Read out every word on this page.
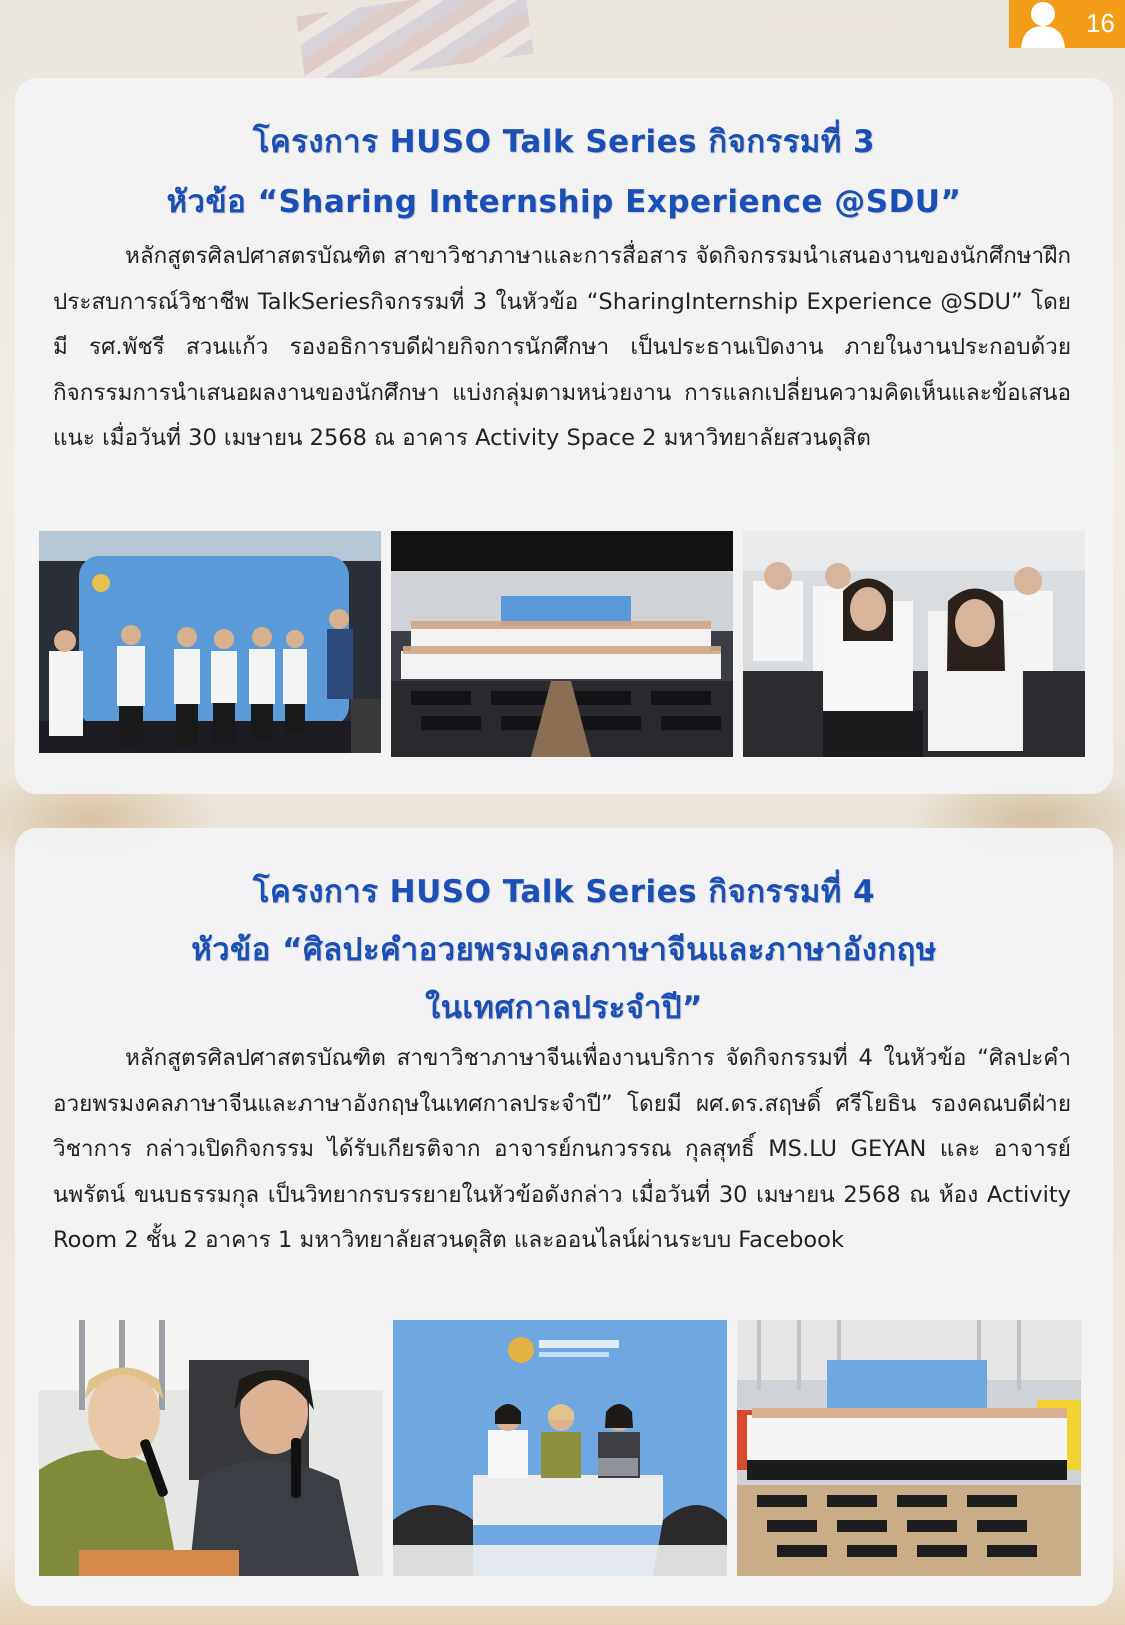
16
โครงการ HUSO Talk Series กิจกรรมที่ 3
หัวข้อ “Sharing Internship Experience @SDU”
หลักสูตรศิลปศาสตรบัณฑิต สาขาวิชาภาษาและการสื่อสาร จัดกิจกรรมนำเสนองานของนักศึกษาฝึกประสบการณ์วิชาชีพ TalkSeriesกิจกรรมที่ 3 ในหัวข้อ “SharingInternship Experience @SDU” โดยมี รศ.พัชรี สวนแก้ว รองอธิการบดีฝ่ายกิจการนักศึกษา เป็นประธานเปิดงาน ภายในงานประกอบด้วยกิจกรรมการนำเสนอผลงานของนักศึกษา แบ่งกลุ่มตามหน่วยงาน การแลกเปลี่ยนความคิดเห็นและข้อเสนอแนะ เมื่อวันที่ 30 เมษายน 2568 ณ อาคาร Activity Space 2 มหาวิทยาลัยสวนดุสิต
โครงการ HUSO Talk Series กิจกรรมที่ 4
หัวข้อ “ศิลปะคำอวยพรมงคลภาษาจีนและภาษาอังกฤษ
ในเทศกาลประจำปี”
หลักสูตรศิลปศาสตรบัณฑิต สาขาวิชาภาษาจีนเพื่องานบริการ จัดกิจกรรมที่ 4 ในหัวข้อ “ศิลปะคำอวยพรมงคลภาษาจีนและภาษาอังกฤษในเทศกาลประจำปี” โดยมี ผศ.ดร.สฤษดิ์ ศรีโยธิน รองคณบดีฝ่ายวิชาการ กล่าวเปิดกิจกรรม ได้รับเกียรติจาก อาจารย์กนกวรรณ กุลสุทธิ์ MS.LU GEYAN และ อาจารย์นพรัตน์ ขนบธรรมกุล เป็นวิทยากรบรรยายในหัวข้อดังกล่าว เมื่อวันที่ 30 เมษายน 2568 ณ ห้อง Activity Room 2 ชั้น 2 อาคาร 1 มหาวิทยาลัยสวนดุสิต และออนไลน์ผ่านระบบ Facebook
